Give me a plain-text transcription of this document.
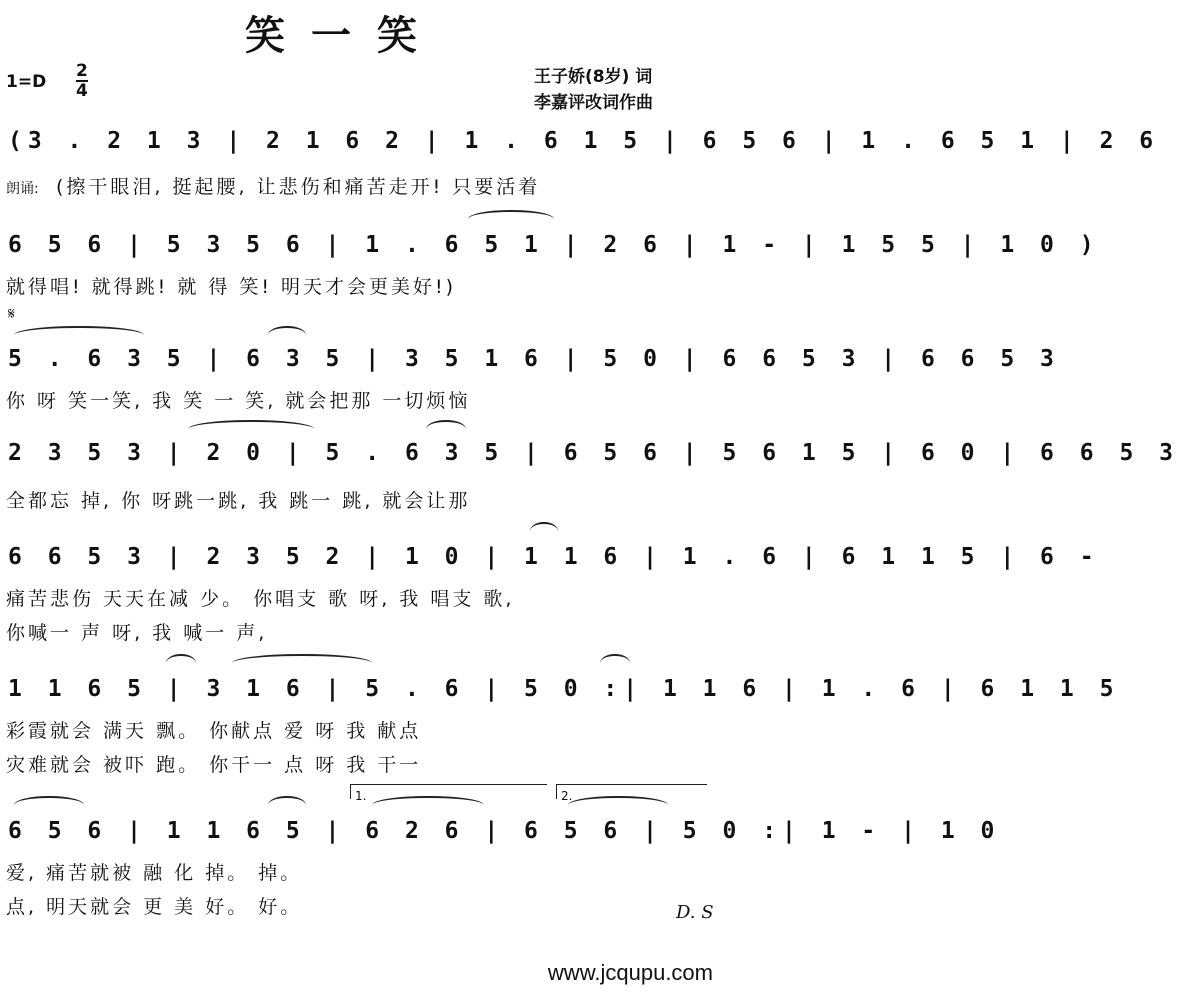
笑一笑
1=D
2
4
王子娇(8岁) 词
李嘉评改词作曲
(3 . 2 1 3 | 2 1 6 2 | 1 . 6 1 5 | 6 5 6 | 1 . 6 5 1 | 2 6
朗诵: (擦干眼泪, 挺起腰, 让悲伤和痛苦走开! 只要活着
6 5 6 | 5 3 5 6 | 1 . 6 5 1 | 2 6 | 1 - | 1 5 5 | 1 0 )
就得唱! 就得跳! 就 得 笑! 明天才会更美好!)
𝄋
5 . 6 3 5 | 6 3 5 | 3 5 1 6 | 5 0 | 6 6 5 3 | 6 6 5 3
你 呀 笑一笑, 我 笑 一 笑, 就会把那 一切烦恼
2 3 5 3 | 2 0 | 5 . 6 3 5 | 6 5 6 | 5 6 1 5 | 6 0 | 6 6 5 3
全都忘 掉, 你 呀跳一跳, 我 跳一 跳, 就会让那
6 6 5 3 | 2 3 5 2 | 1 0 | 1 1 6 | 1 . 6 | 6 1 1 5 | 6 -
痛苦悲伤 天天在减 少。 你唱支 歌 呀, 我 唱支 歌,
你喊一 声 呀, 我 喊一 声,
1 1 6 5 | 3 1 6 | 5 . 6 | 5 0 :| 1 1 6 | 1 . 6 | 6 1 1 5
彩霞就会 满天 飘。 你献点 爱 呀 我 献点
灾难就会 被吓 跑。 你干一 点 呀 我 干一
1.	2.
6 5 6 | 1 1 6 5 | 6 2 6 | 6 5 6 | 5 0 :| 1 - | 1 0
爱, 痛苦就被 融 化 掉。 掉。
点, 明天就会 更 美 好。 好。	D. S
www.jcqupu.com
